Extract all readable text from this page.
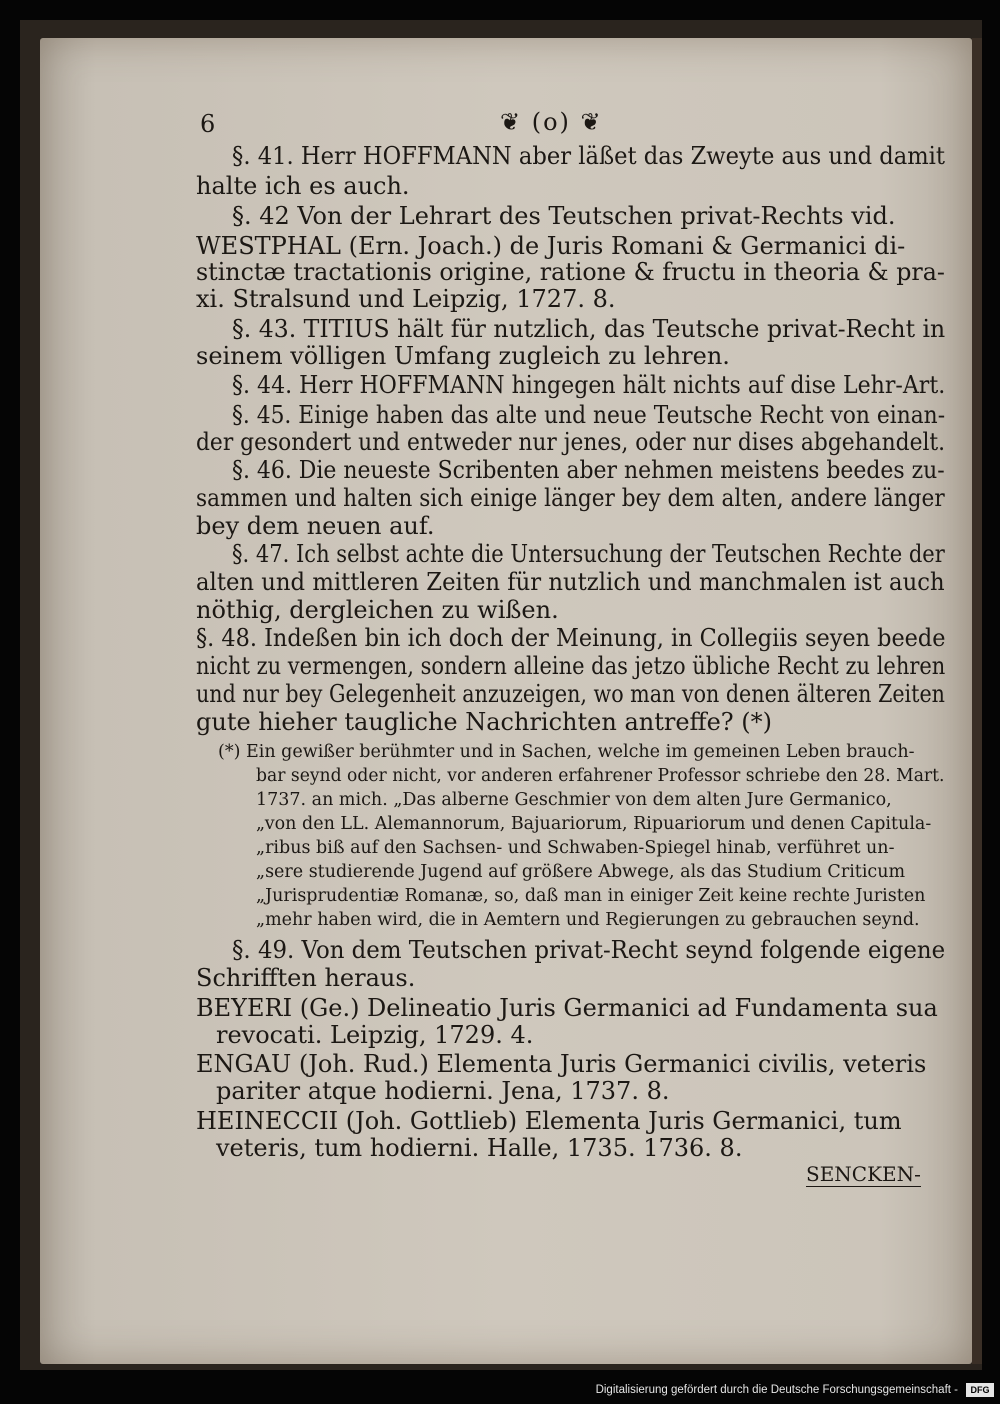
6	❦ (o) ❦
§. 41. Herr HOFFMANN aber läßet das Zweyte aus und damit
halte ich es auch.
§. 42 Von der Lehrart des Teutschen privat-Rechts vid.
WESTPHAL (Ern. Joach.) de Juris Romani & Germanici di-
stinctæ tractationis origine, ratione & fructu in theoria & pra-
xi. Stralsund und Leipzig, 1727. 8.
§. 43. TITIUS hält für nutzlich, das Teutsche privat-Recht in
seinem völligen Umfang zugleich zu lehren.
§. 44. Herr HOFFMANN hingegen hält nichts auf dise Lehr-Art.
§. 45. Einige haben das alte und neue Teutsche Recht von einan-
der gesondert und entweder nur jenes, oder nur dises abgehandelt.
§. 46. Die neueste Scribenten aber nehmen meistens beedes zu-
sammen und halten sich einige länger bey dem alten, andere länger
bey dem neuen auf.
§. 47. Ich selbst achte die Untersuchung der Teutschen Rechte der
alten und mittleren Zeiten für nutzlich und manchmalen ist auch
nöthig, dergleichen zu wißen.
§. 48. Indeßen bin ich doch der Meinung, in Collegiis seyen beede
nicht zu vermengen, sondern alleine das jetzo übliche Recht zu lehren
und nur bey Gelegenheit anzuzeigen, wo man von denen älteren Zeiten
gute hieher taugliche Nachrichten antreffe? (*)
(*) Ein gewißer berühmter und in Sachen, welche im gemeinen Leben brauch-
bar seynd oder nicht, vor anderen erfahrener Professor schriebe den 28. Mart.
1737. an mich. „Das alberne Geschmier von dem alten Jure Germanico,
„von den LL. Alemannorum, Bajuariorum, Ripuariorum und denen Capitula-
„ribus biß auf den Sachsen- und Schwaben-Spiegel hinab, verführet un-
„sere studierende Jugend auf größere Abwege, als das Studium Criticum
„Jurisprudentiæ Romanæ, so, daß man in einiger Zeit keine rechte Juristen
„mehr haben wird, die in Aemtern und Regierungen zu gebrauchen seynd.
§. 49. Von dem Teutschen privat-Recht seynd folgende eigene
Schrifften heraus.
BEYERI (Ge.) Delineatio Juris Germanici ad Fundamenta sua
revocati. Leipzig, 1729. 4.
ENGAU (Joh. Rud.) Elementa Juris Germanici civilis, veteris
pariter atque hodierni. Jena, 1737. 8.
HEINECCII (Joh. Gottlieb) Elementa Juris Germanici, tum
veteris, tum hodierni. Halle, 1735. 1736. 8.
SENCKEN-
Digitalisierung gefördert durch die Deutsche Forschungsgemeinschaft -	DFG
